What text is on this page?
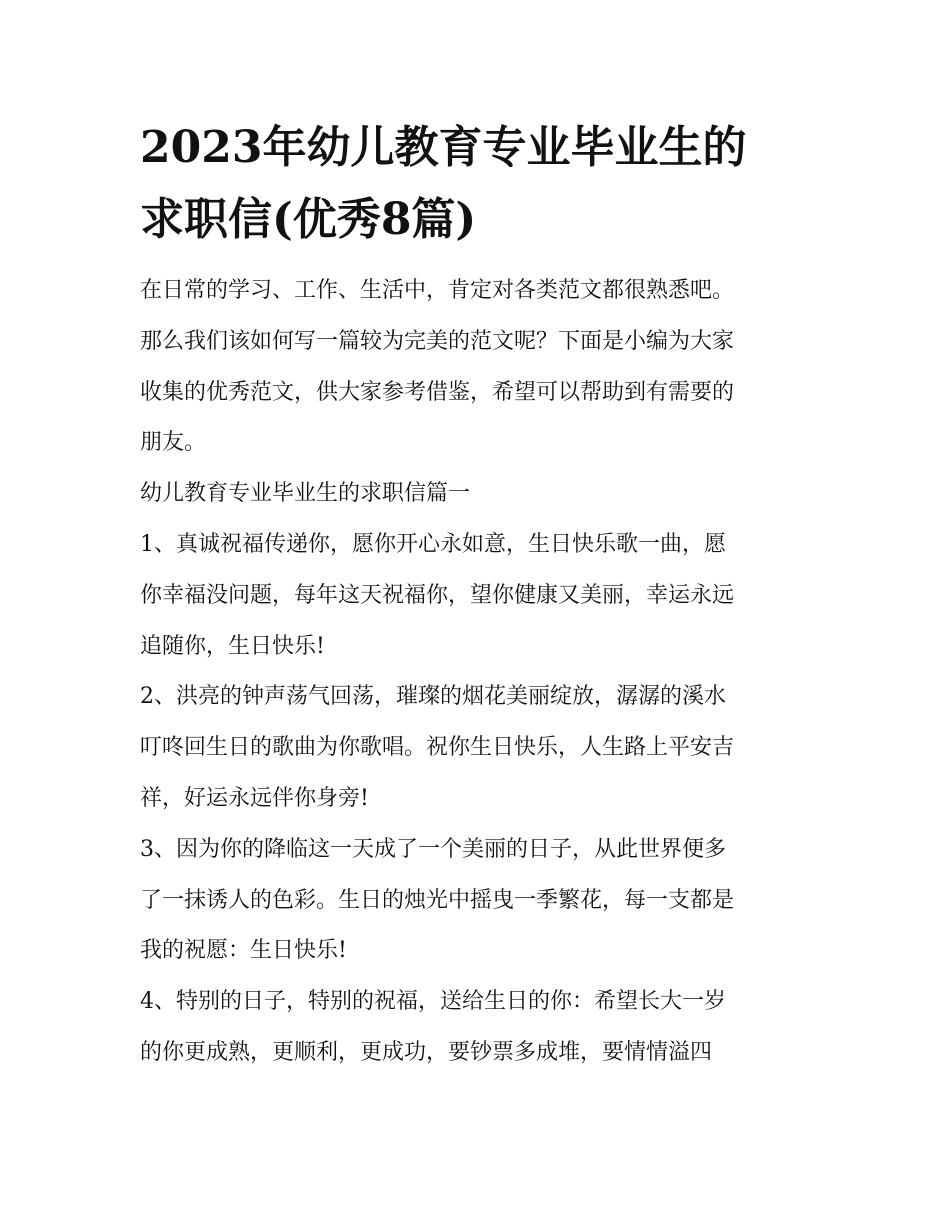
2023年幼儿教育专业毕业生的
求职信(优秀8篇)

在日常的学习、工作、生活中，肯定对各类范文都很熟悉吧。
那么我们该如何写一篇较为完美的范文呢？下面是小编为大家
收集的优秀范文，供大家参考借鉴，希望可以帮助到有需要的
朋友。

幼儿教育专业毕业生的求职信篇一

1、真诚祝福传递你，愿你开心永如意，生日快乐歌一曲，愿
你幸福没问题，每年这天祝福你，望你健康又美丽，幸运永远
追随你，生日快乐!

2、洪亮的钟声荡气回荡，璀璨的烟花美丽绽放，潺潺的溪水
叮咚回生日的歌曲为你歌唱。祝你生日快乐，人生路上平安吉
祥，好运永远伴你身旁!

3、因为你的降临这一天成了一个美丽的日子，从此世界便多
了一抹诱人的色彩。生日的烛光中摇曳一季繁花，每一支都是
我的祝愿：生日快乐!

4、特别的日子，特别的祝福，送给生日的你：希望长大一岁
的你更成熟，更顺利，更成功，要钞票多成堆，要情情溢四
